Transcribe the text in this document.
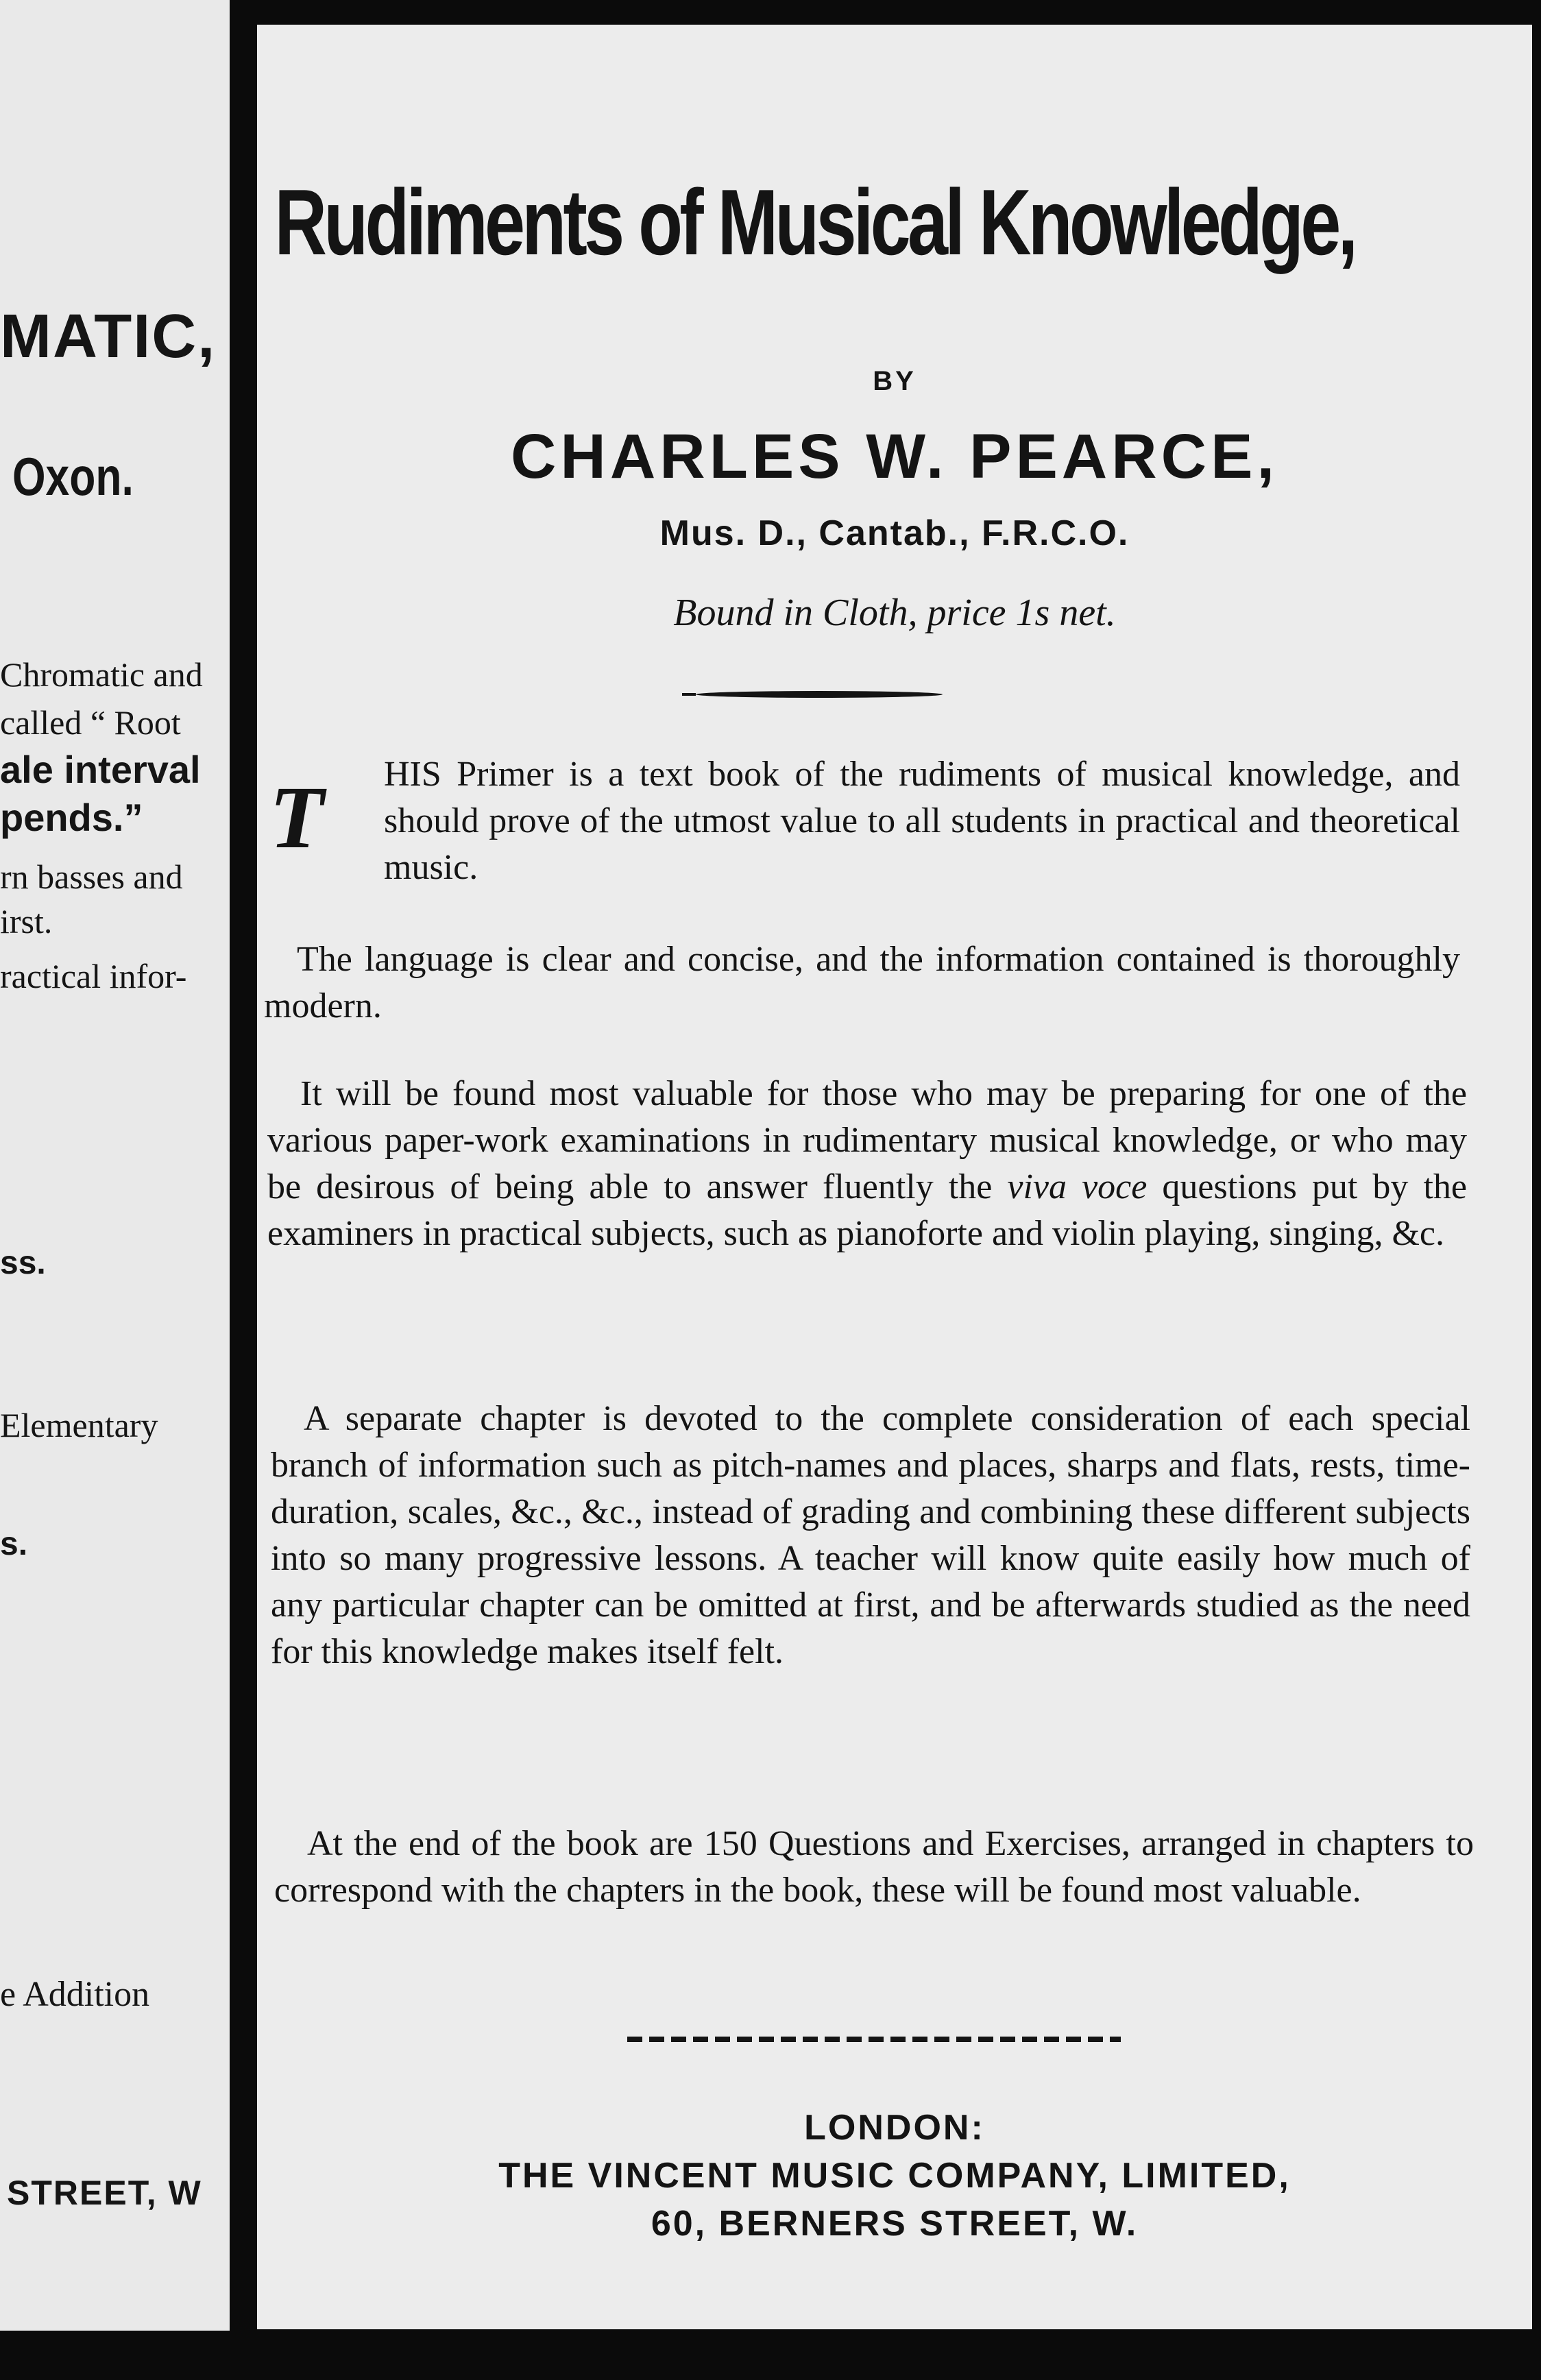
MATIC,
Oxon.
Chromatic and
called “ Root
ale interval
pends.”
rn basses and
irst.
ractical infor-
ss.
Elementary
s.
e Addition
STREET, W
Rudiments of Musical Knowledge,
BY
CHARLES W. PEARCE,
Mus. D., Cantab., F.R.C.O.
Bound in Cloth, price 1s net.
T HIS Primer is a text book of the rudiments of musical knowledge, and should prove of the utmost value to all students in practical and theoretical music.
The language is clear and concise, and the information contained is thoroughly modern.
It will be found most valuable for those who may be preparing for one of the various paper-work examinations in rudimentary musical knowledge, or who may be desirous of being able to answer fluently the viva voce questions put by the examiners in practical subjects, such as pianoforte and violin playing, singing, &c.
A separate chapter is devoted to the complete consideration of each special branch of information such as pitch-names and places, sharps and flats, rests, time-duration, scales, &c., &c., instead of grading and combining these different subjects into so many progressive lessons. A teacher will know quite easily how much of any particular chapter can be omitted at first, and be afterwards studied as the need for this knowledge makes itself felt.
At the end of the book are 150 Questions and Exercises, arranged in chapters to correspond with the chapters in the book, these will be found most valuable.
LONDON:
THE VINCENT MUSIC COMPANY, LIMITED,
60, BERNERS STREET, W.
